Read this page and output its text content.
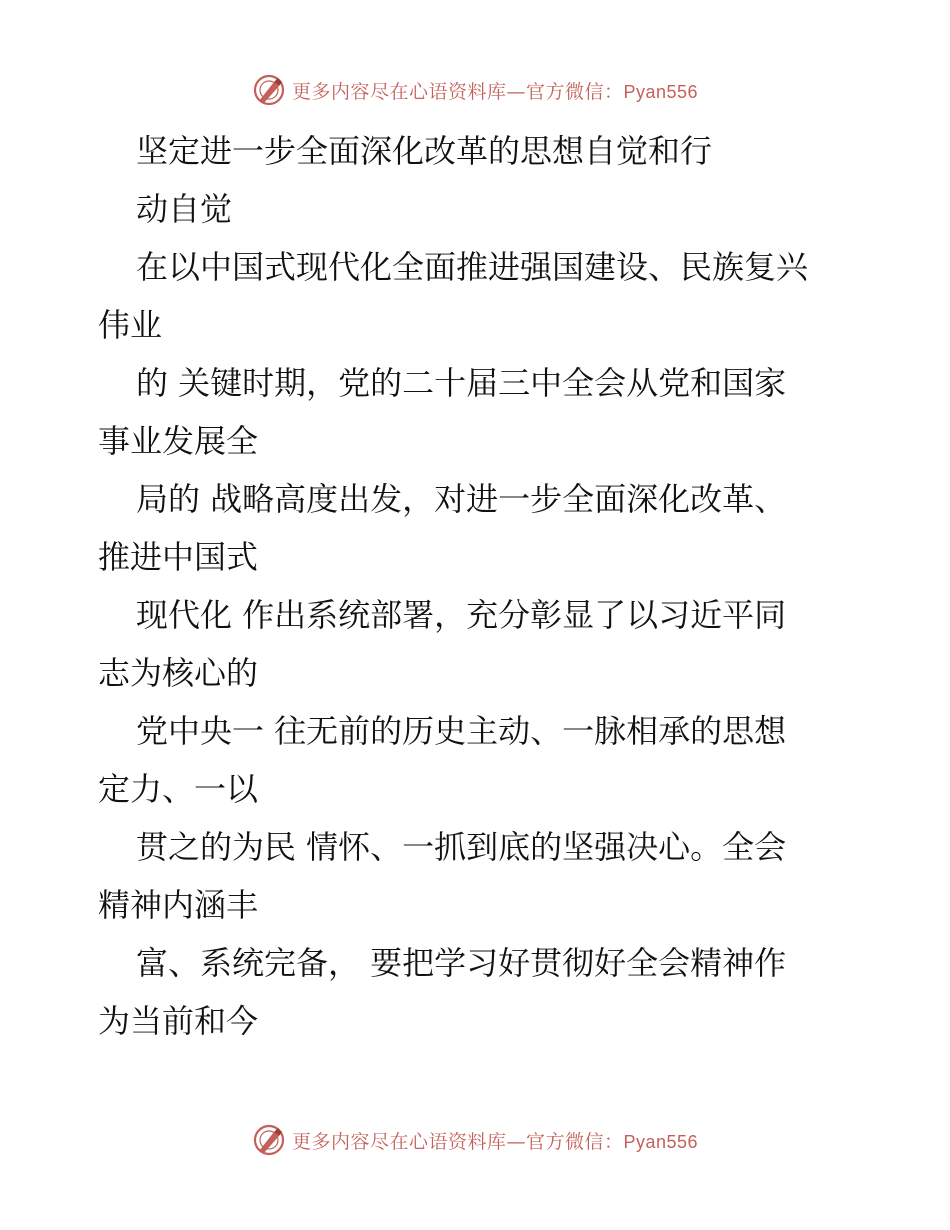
更多内容尽在心语资料库—官方微信：Pyan556
坚定进一步全面深化改革的思想自觉和行
动自觉
在以中国式现代化全面推进强国建设、民族复兴
伟业
的 关键时期，党的二十届三中全会从党和国家
事业发展全
局的 战略高度出发，对进一步全面深化改革、
推进中国式
现代化 作出系统部署，充分彰显了以习近平同
志为核心的
党中央一 往无前的历史主动、一脉相承的思想
定力、一以
贯之的为民 情怀、一抓到底的坚强决心。全会
精神内涵丰
富、系统完备， 要把学习好贯彻好全会精神作
为当前和今
更多内容尽在心语资料库—官方微信：Pyan556
